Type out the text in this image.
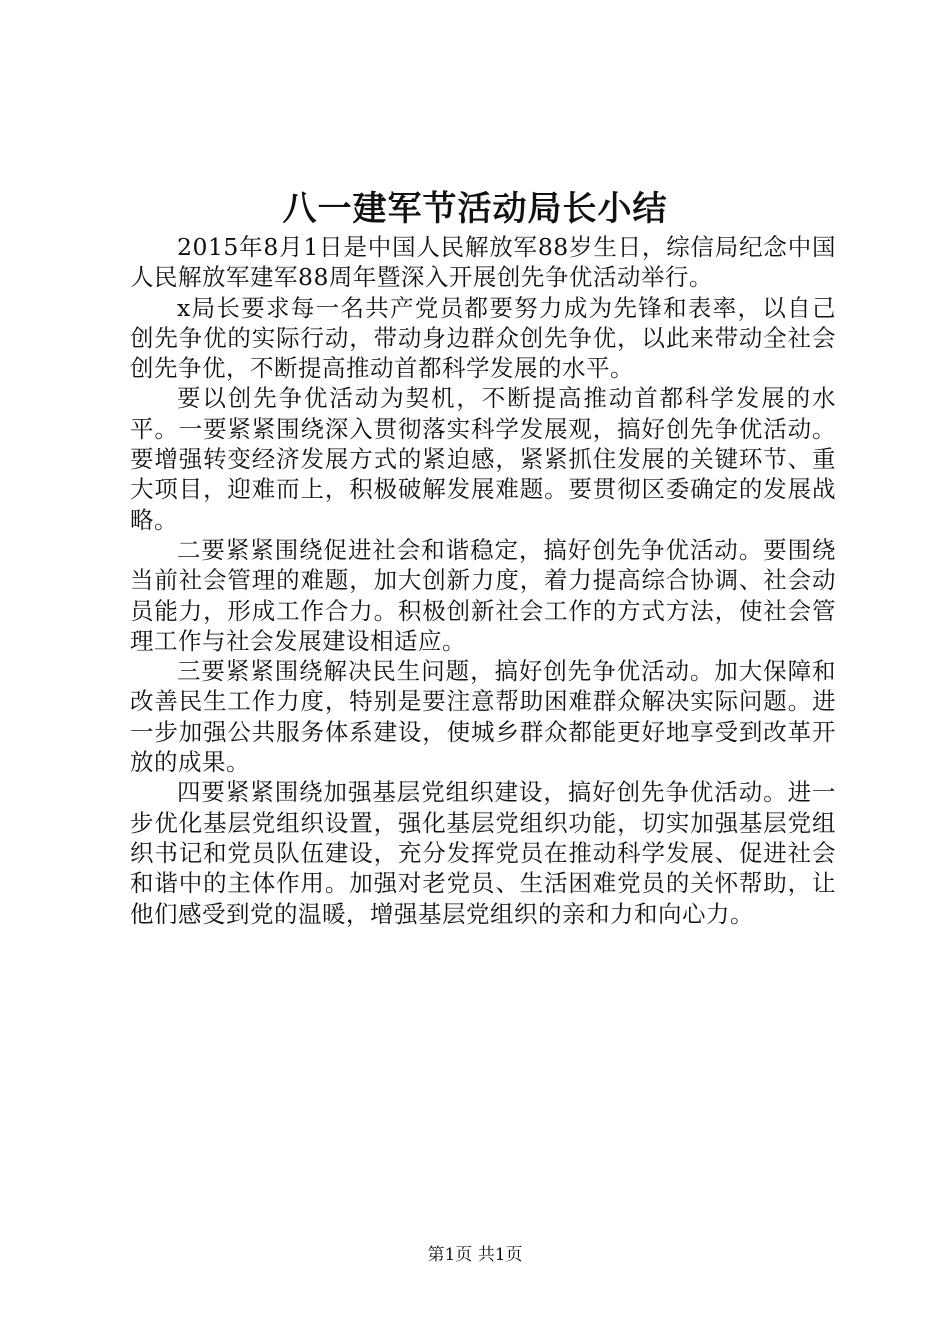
八一建军节活动局长小结

2015年8月1日是中国人民解放军88岁生日，综信局纪念中国人民解放军建军88周年暨深入开展创先争优活动举行。

x局长要求每一名共产党员都要努力成为先锋和表率，以自己创先争优的实际行动，带动身边群众创先争优，以此来带动全社会创先争优，不断提高推动首都科学发展的水平。

要以创先争优活动为契机，不断提高推动首都科学发展的水平。一要紧紧围绕深入贯彻落实科学发展观，搞好创先争优活动。要增强转变经济发展方式的紧迫感，紧紧抓住发展的关键环节、重大项目，迎难而上，积极破解发展难题。要贯彻区委确定的发展战略。

二要紧紧围绕促进社会和谐稳定，搞好创先争优活动。要围绕当前社会管理的难题，加大创新力度，着力提高综合协调、社会动员能力，形成工作合力。积极创新社会工作的方式方法，使社会管理工作与社会发展建设相适应。

三要紧紧围绕解决民生问题，搞好创先争优活动。加大保障和改善民生工作力度，特别是要注意帮助困难群众解决实际问题。进一步加强公共服务体系建设，使城乡群众都能更好地享受到改革开放的成果。

四要紧紧围绕加强基层党组织建设，搞好创先争优活动。进一步优化基层党组织设置，强化基层党组织功能，切实加强基层党组织书记和党员队伍建设，充分发挥党员在推动科学发展、促进社会和谐中的主体作用。加强对老党员、生活困难党员的关怀帮助，让他们感受到党的温暖，增强基层党组织的亲和力和向心力。

第1页 共1页
